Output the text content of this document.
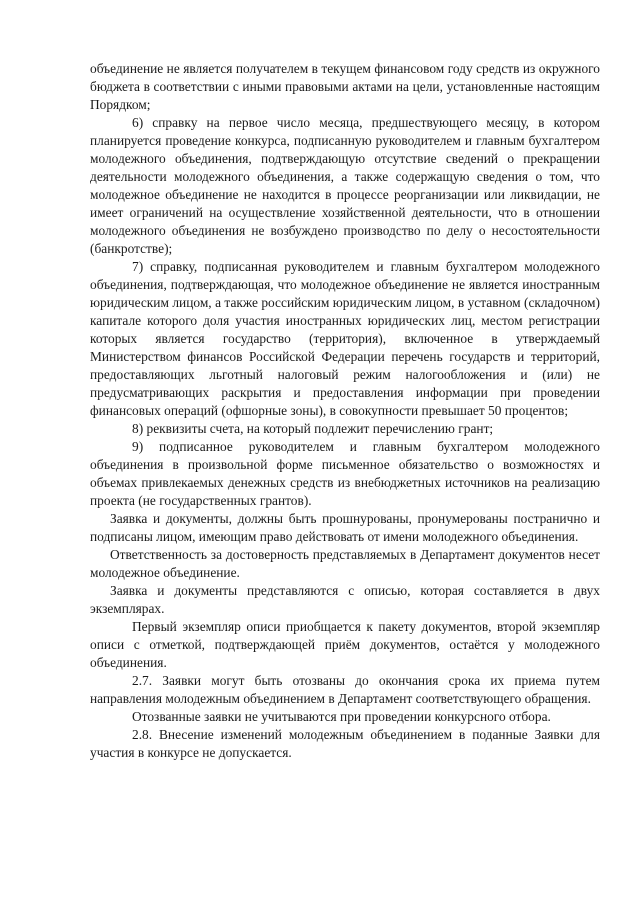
объединение не является получателем в текущем финансовом году средств из окружного бюджета в соответствии с иными правовыми актами на цели, установленные настоящим Порядком;

6) справку на первое число месяца, предшествующего месяцу, в котором планируется проведение конкурса, подписанную руководителем и главным бухгалтером молодежного объединения, подтверждающую отсутствие сведений о прекращении деятельности молодежного объединения, а также содержащую сведения о том, что молодежное объединение не находится в процессе реорганизации или ликвидации, не имеет ограничений на осуществление хозяйственной деятельности, что в отношении молодежного объединения не возбуждено производство по делу о несостоятельности (банкротстве);

7) справку, подписанная руководителем и главным бухгалтером молодежного объединения, подтверждающая, что молодежное объединение не является иностранным юридическим лицом, а также российским юридическим лицом, в уставном (складочном) капитале которого доля участия иностранных юридических лиц, местом регистрации которых является государство (территория), включенное в утверждаемый Министерством финансов Российской Федерации перечень государств и территорий, предоставляющих льготный налоговый режим налогообложения и (или) не предусматривающих раскрытия и предоставления информации при проведении финансовых операций (офшорные зоны), в совокупности превышает 50 процентов;

8) реквизиты счета, на который подлежит перечислению грант;

9) подписанное руководителем и главным бухгалтером молодежного объединения в произвольной форме письменное обязательство о возможностях и объемах привлекаемых денежных средств из внебюджетных источников на реализацию проекта (не государственных грантов).

Заявка и документы, должны быть прошнурованы, пронумерованы постранично и подписаны лицом, имеющим право действовать от имени молодежного объединения.

Ответственность за достоверность представляемых в Департамент документов несет молодежное объединение.

Заявка и документы представляются с описью, которая составляется в двух экземплярах.

Первый экземпляр описи приобщается к пакету документов, второй экземпляр описи с отметкой, подтверждающей приём документов, остаётся у молодежного объединения.

2.7. Заявки могут быть отозваны до окончания срока их приема путем направления молодежным объединением в Департамент соответствующего обращения.

Отозванные заявки не учитываются при проведении конкурсного отбора.

2.8. Внесение изменений молодежным объединением в поданные Заявки для участия в конкурсе не допускается.
